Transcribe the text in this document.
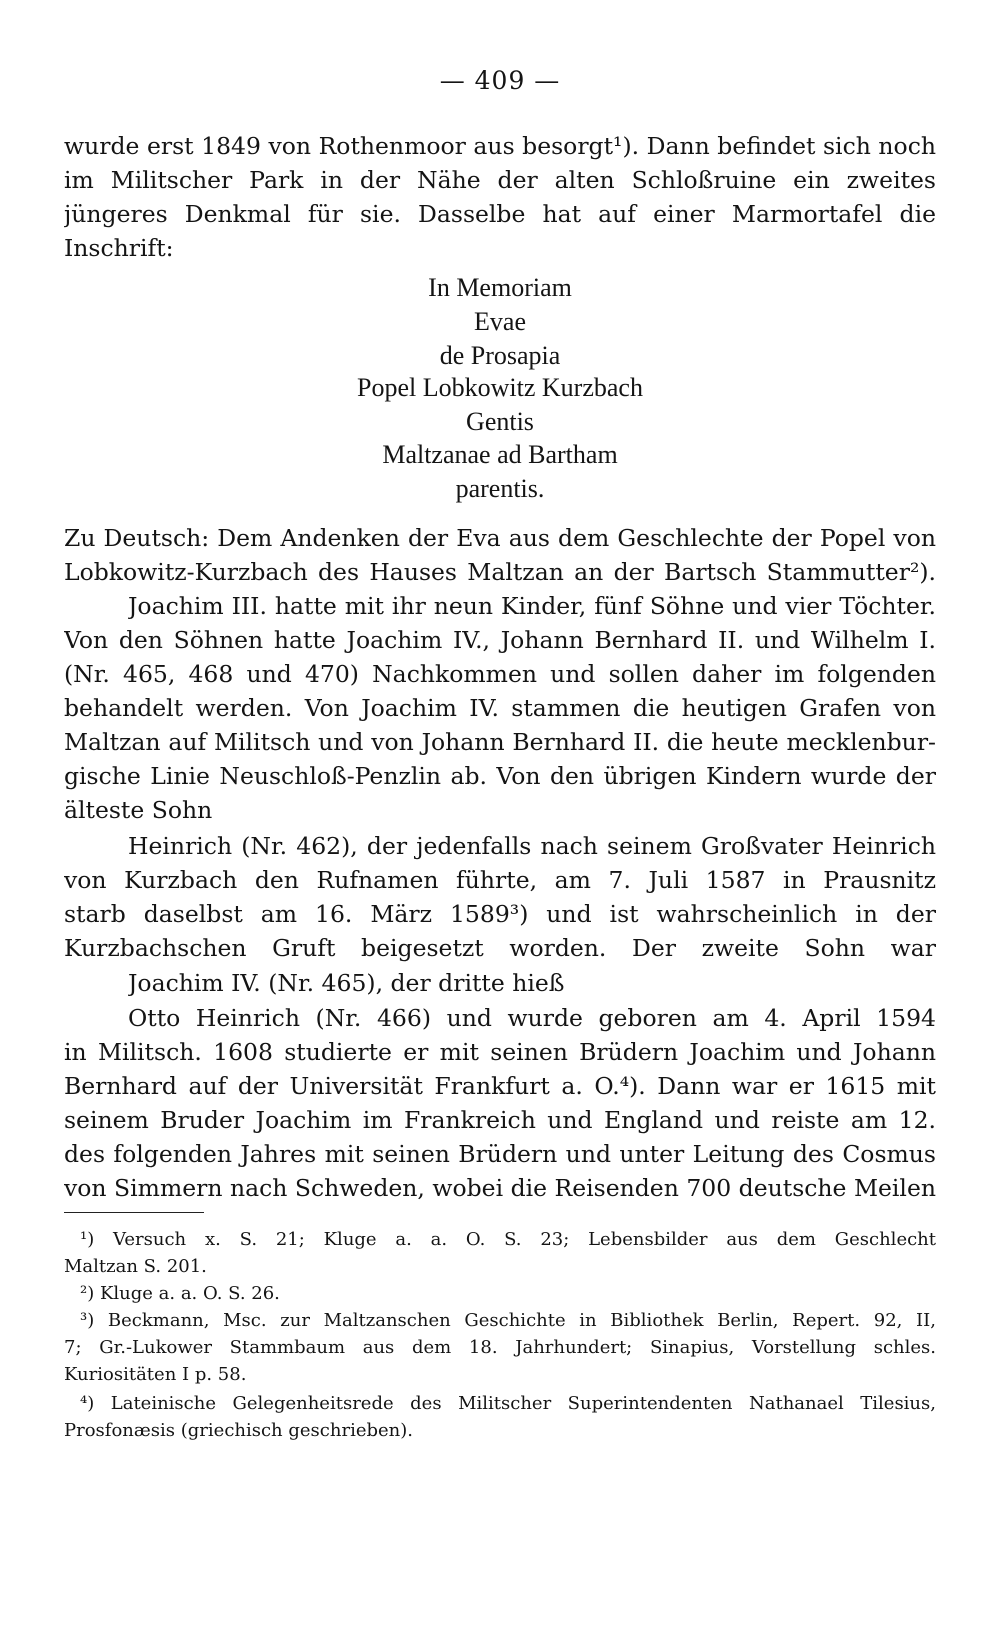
— 409 —
wurde erst 1849 von Rothenmoor aus besorgt¹). Dann befindet sich noch
im Militscher Park in der Nähe der alten Schloßruine ein zweites
jüngeres Denkmal für sie. Dasselbe hat auf einer Marmortafel die
Inschrift:
In Memoriam
Evae
de Prosapia
Popel Lobkowitz Kurzbach
Gentis
Maltzanae ad Bartham
parentis.
Zu Deutsch: Dem Andenken der Eva aus dem Geschlechte der Popel von
Lobkowitz-Kurzbach des Hauses Maltzan an der Bartsch Stammutter²).
Joachim III. hatte mit ihr neun Kinder, fünf Söhne und vier Töchter.
Von den Söhnen hatte Joachim IV., Johann Bernhard II. und Wilhelm I.
(Nr. 465, 468 und 470) Nachkommen und sollen daher im folgenden
behandelt werden. Von Joachim IV. stammen die heutigen Grafen von
Maltzan auf Militsch und von Johann Bernhard II. die heute mecklenbur-
gische Linie Neuschloß-Penzlin ab. Von den übrigen Kindern wurde der
älteste Sohn
Heinrich (Nr. 462), der jedenfalls nach seinem Großvater Heinrich
von Kurzbach den Rufnamen führte, am 7. Juli 1587 in Prausnitz
starb daselbst am 16. März 1589³) und ist wahrscheinlich in der
Kurzbachschen Gruft beigesetzt worden. Der zweite Sohn war
Joachim IV. (Nr. 465), der dritte hieß
Otto Heinrich (Nr. 466) und wurde geboren am 4. April 1594
in Militsch. 1608 studierte er mit seinen Brüdern Joachim und Johann
Bernhard auf der Universität Frankfurt a. O.⁴). Dann war er 1615 mit
seinem Bruder Joachim im Frankreich und England und reiste am 12.
des folgenden Jahres mit seinen Brüdern und unter Leitung des Cosmus
von Simmern nach Schweden, wobei die Reisenden 700 deutsche Meilen
¹) Versuch x. S. 21; Kluge a. a. O. S. 23; Lebensbilder aus dem Geschlecht
Maltzan S. 201.
²) Kluge a. a. O. S. 26.
³) Beckmann, Msc. zur Maltzanschen Geschichte in Bibliothek Berlin, Repert. 92, II,
7; Gr.-Lukower Stammbaum aus dem 18. Jahrhundert; Sinapius, Vorstellung schles.
Kuriositäten I p. 58.
⁴) Lateinische Gelegenheitsrede des Militscher Superintendenten Nathanael Tilesius,
Prosfonæsis (griechisch geschrieben).
